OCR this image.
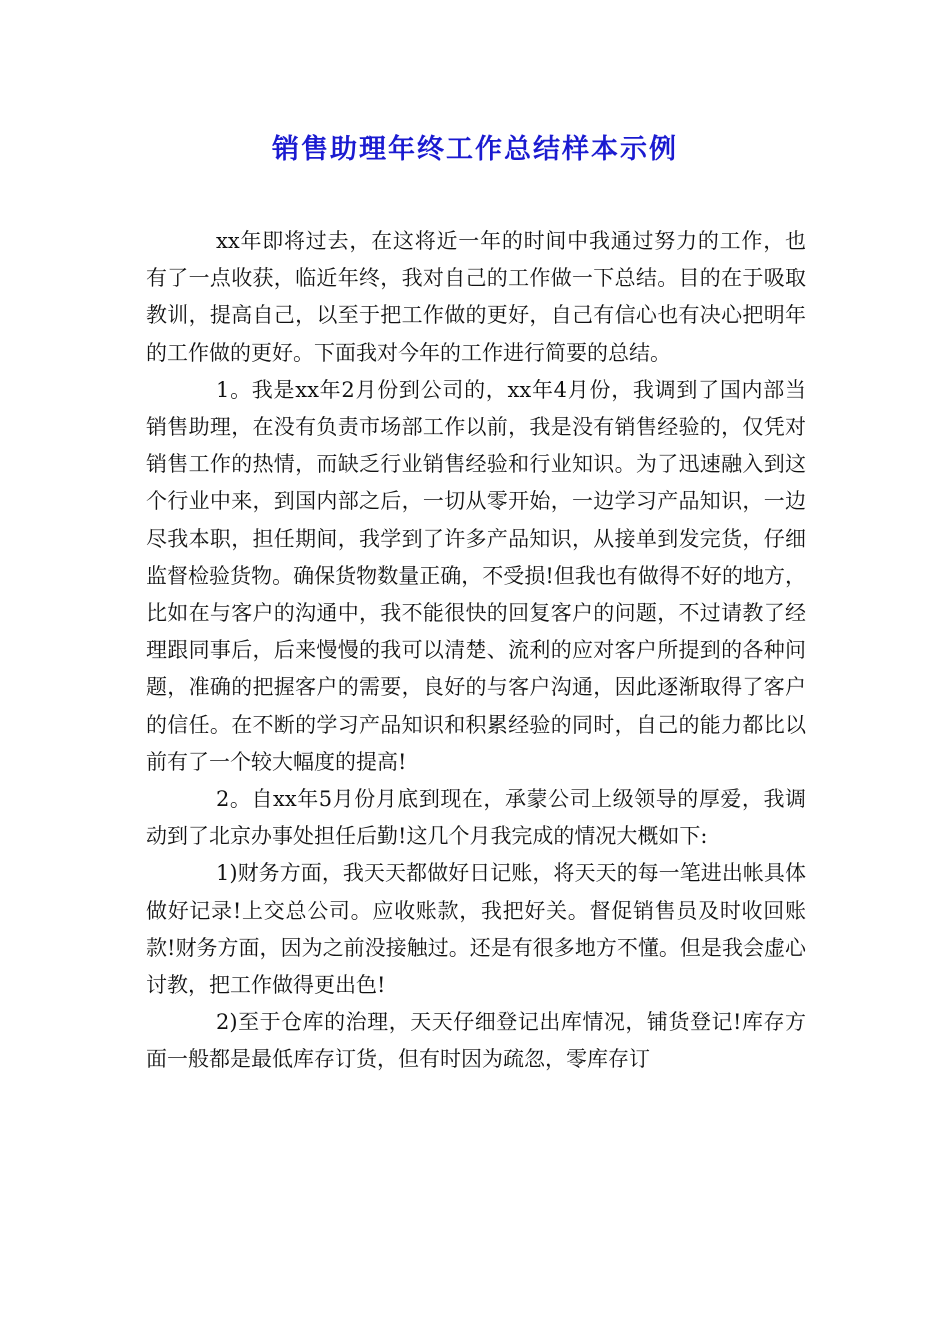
销售助理年终工作总结样本示例

xx年即将过去，在这将近一年的时间中我通过努力的工作，也有了一点收获，临近年终，我对自己的工作做一下总结。目的在于吸取教训，提高自己，以至于把工作做的更好，自己有信心也有决心把明年的工作做的更好。下面我对今年的工作进行简要的总结。

1。我是xx年2月份到公司的，xx年4月份，我调到了国内部当销售助理，在没有负责市场部工作以前，我是没有销售经验的，仅凭对销售工作的热情，而缺乏行业销售经验和行业知识。为了迅速融入到这个行业中来，到国内部之后，一切从零开始，一边学习产品知识，一边尽我本职，担任期间，我学到了许多产品知识，从接单到发完货，仔细监督检验货物。确保货物数量正确，不受损!但我也有做得不好的地方，比如在与客户的沟通中，我不能很快的回复客户的问题，不过请教了经理跟同事后，后来慢慢的我可以清楚、流利的应对客户所提到的各种问题，准确的把握客户的需要，良好的与客户沟通，因此逐渐取得了客户的信任。在不断的学习产品知识和积累经验的同时，自己的能力都比以前有了一个较大幅度的提高!

2。自xx年5月份月底到现在，承蒙公司上级领导的厚爱，我调动到了北京办事处担任后勤!这几个月我完成的情况大概如下:

1)财务方面，我天天都做好日记账，将天天的每一笔进出帐具体做好记录!上交总公司。应收账款，我把好关。督促销售员及时收回账款!财务方面，因为之前没接触过。还是有很多地方不懂。但是我会虚心讨教，把工作做得更出色!

2)至于仓库的治理，天天仔细登记出库情况，铺货登记!库存方面一般都是最低库存订货，但有时因为疏忽，零库存订
